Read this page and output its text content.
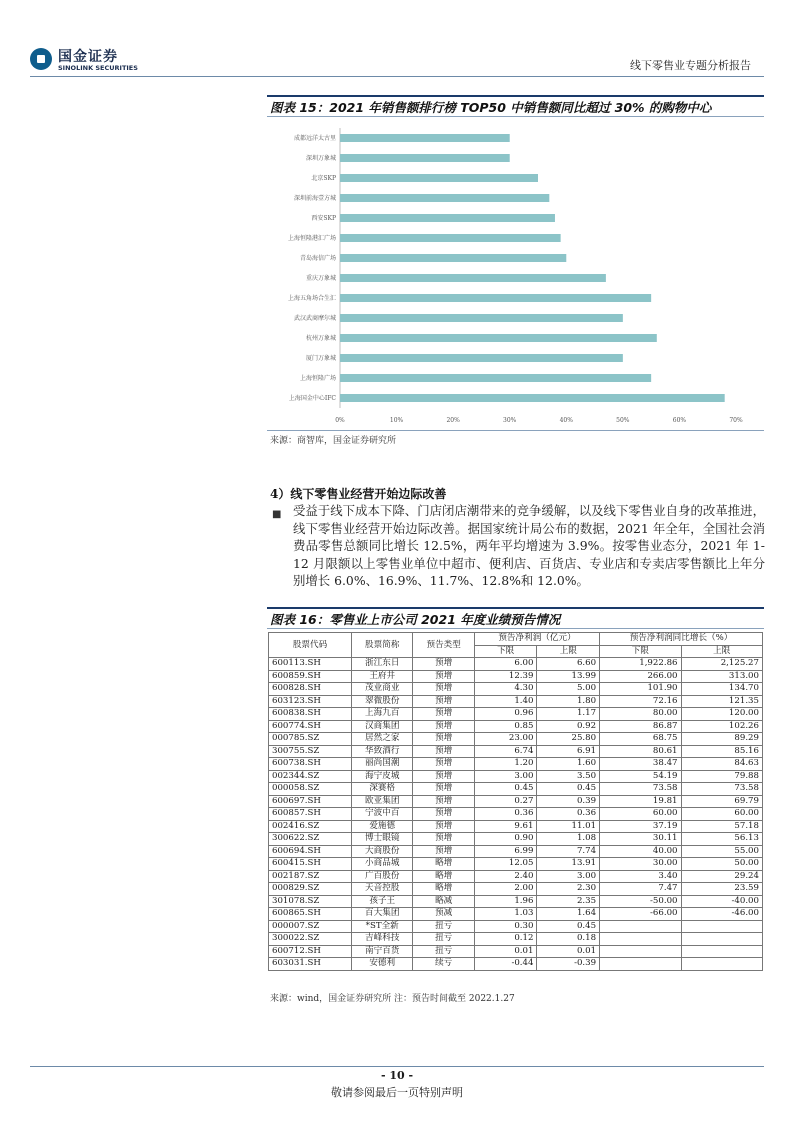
国金证券
SINOLINK SECURITIES	线下零售业专题分析报告
图表 15：2021 年销售额排行榜 TOP50 中销售额同比超过 30% 的购物中心
成都远洋太古里
深圳万象城
北京SKP
深圳前海壹方城
西安SKP
上海恒隆港汇广场
青岛海信广场
重庆万象城
上海五角场合生汇
武汉武商摩尔城
杭州万象城
厦门万象城
上海恒隆广场
上海国金中心IFC
0%	10%	20%	30%	40%	50%	60%	70%
来源：商智库，国金证券研究所
4）线下零售业经营开始边际改善
■ 受益于线下成本下降、门店闭店潮带来的竞争缓解，以及线下零售业自身的改革推进，线下零售业经营开始边际改善。据国家统计局公布的数据，2021 年全年，全国社会消费品零售总额同比增长 12.5%，两年平均增速为 3.9%。按零售业态分，2021 年 1-12 月限额以上零售业单位中超市、便利店、百货店、专业店和专卖店零售额比上年分别增长 6.0%、16.9%、11.7%、12.8%和 12.0%。
图表 16：零售业上市公司 2021 年度业绩预告情况
股票代码	股票简称	预告类型	预告净利润（亿元）		预告净利润同比增长（%）	
			下限	上限	下限	上限
600113.SH	浙江东日	预增	6.00	6.60	1,922.86	2,125.27
600859.SH	王府井	预增	12.39	13.99	266.00	313.00
600828.SH	茂业商业	预增	4.30	5.00	101.90	134.70
603123.SH	翠微股份	预增	1.40	1.80	72.16	121.35
600838.SH	上海九百	预增	0.96	1.17	80.00	120.00
600774.SH	汉商集团	预增	0.85	0.92	86.87	102.26
000785.SZ	居然之家	预增	23.00	25.80	68.75	89.29
300755.SZ	华致酒行	预增	6.74	6.91	80.61	85.16
600738.SH	丽尚国潮	预增	1.20	1.60	38.47	84.63
002344.SZ	海宁皮城	预增	3.00	3.50	54.19	79.88
000058.SZ	深赛格	预增	0.45	0.45	73.58	73.58
600697.SH	欧亚集团	预增	0.27	0.39	19.81	69.79
600857.SH	宁波中百	预增	0.36	0.36	60.00	60.00
002416.SZ	爱施德	预增	9.61	11.01	37.19	57.18
300622.SZ	博士眼镜	预增	0.90	1.08	30.11	56.13
600694.SH	大商股份	预增	6.99	7.74	40.00	55.00
600415.SH	小商品城	略增	12.05	13.91	30.00	50.00
002187.SZ	广百股份	略增	2.40	3.00	3.40	29.24
000829.SZ	天音控股	略增	2.00	2.30	7.47	23.59
301078.SZ	孩子王	略减	1.96	2.35	-50.00	-40.00
600865.SH	百大集团	预减	1.03	1.64	-66.00	-46.00
000007.SZ	*ST全新	扭亏	0.30	0.45		
300022.SZ	吉峰科技	扭亏	0.12	0.18		
600712.SH	南宁百货	扭亏	0.01	0.01		
603031.SH	安德利	续亏	-0.44	-0.39		
来源：wind，国金证券研究所 注：预告时间截至 2022.1.27
- 10 -
敬请参阅最后一页特别声明
